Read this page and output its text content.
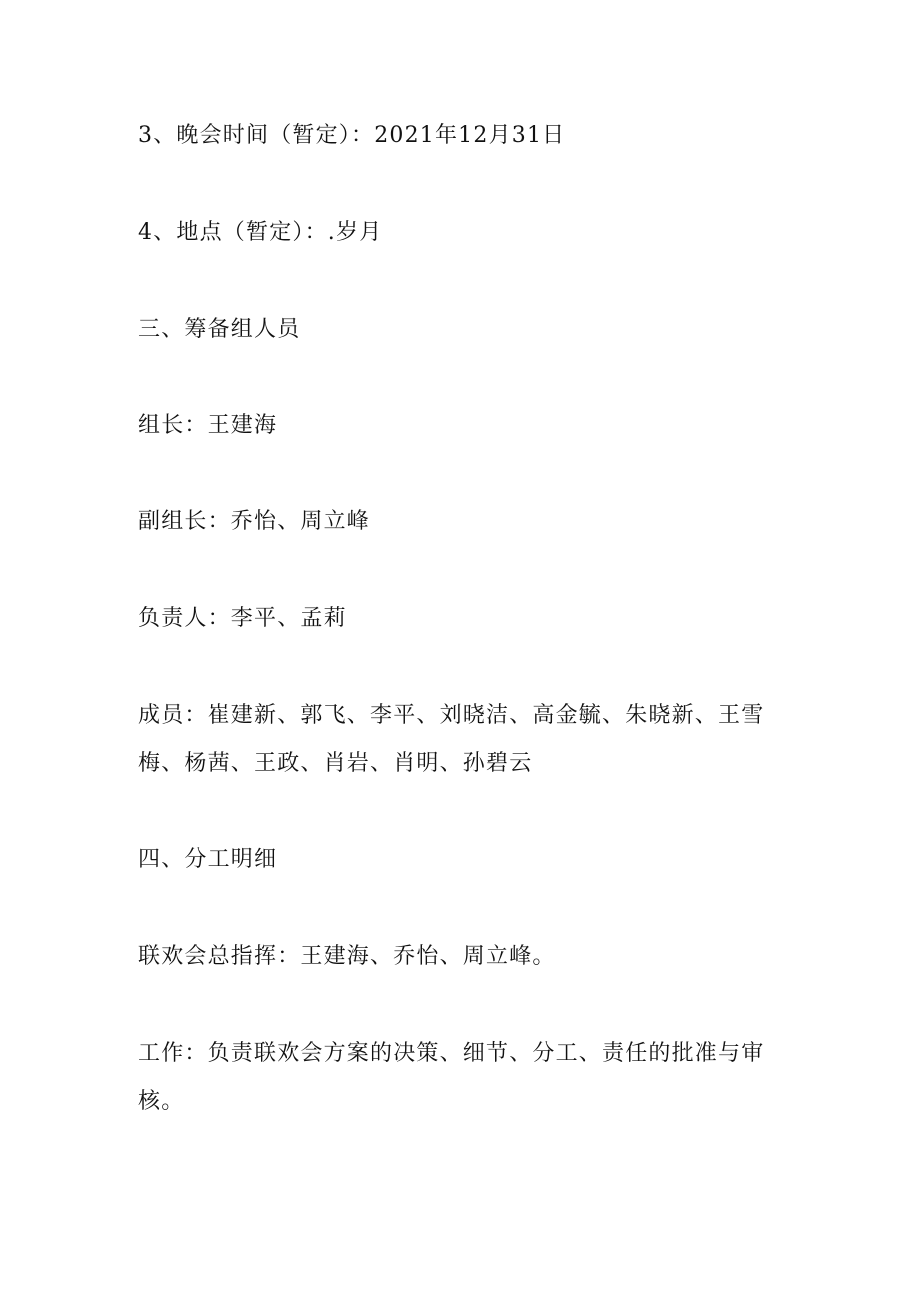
3、晚会时间（暂定）：2021年12月31日

4、地点（暂定）：.岁月

三、筹备组人员

组长：王建海

副组长：乔怡、周立峰

负责人：李平、孟莉

成员：崔建新、郭飞、李平、刘晓洁、高金毓、朱晓新、王雪梅、杨茜、王政、肖岩、肖明、孙碧云

四、分工明细

联欢会总指挥：王建海、乔怡、周立峰。

工作：负责联欢会方案的决策、细节、分工、责任的批准与审核。
